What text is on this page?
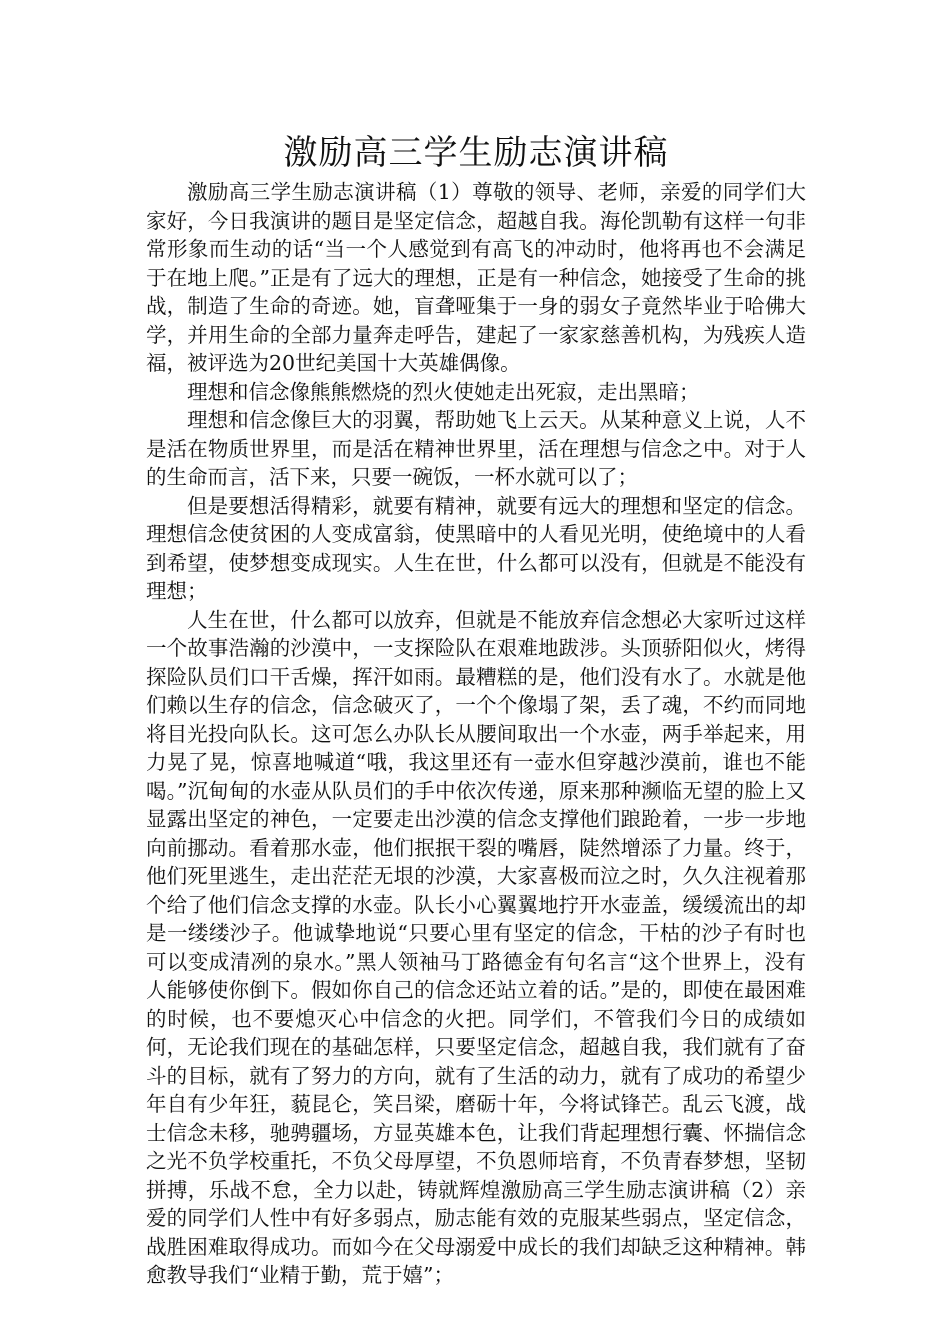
激励高三学生励志演讲稿

激励高三学生励志演讲稿（1）尊敬的领导、老师，亲爱的同学们大家好，今日我演讲的题目是坚定信念，超越自我。海伦凯勒有这样一句非常形象而生动的话“当一个人感觉到有高飞的冲动时，他将再也不会满足于在地上爬。”正是有了远大的理想，正是有一种信念，她接受了生命的挑战，制造了生命的奇迹。她，盲聋哑集于一身的弱女子竟然毕业于哈佛大学，并用生命的全部力量奔走呼告，建起了一家家慈善机构，为残疾人造福，被评选为20世纪美国十大英雄偶像。

理想和信念像熊熊燃烧的烈火使她走出死寂，走出黑暗；

理想和信念像巨大的羽翼，帮助她飞上云天。从某种意义上说，人不是活在物质世界里，而是活在精神世界里，活在理想与信念之中。对于人的生命而言，活下来，只要一碗饭，一杯水就可以了；

但是要想活得精彩，就要有精神，就要有远大的理想和坚定的信念。理想信念使贫困的人变成富翁，使黑暗中的人看见光明，使绝境中的人看到希望，使梦想变成现实。人生在世，什么都可以没有，但就是不能没有理想；

人生在世，什么都可以放弃，但就是不能放弃信念想必大家听过这样一个故事浩瀚的沙漠中，一支探险队在艰难地跋涉。头顶骄阳似火，烤得探险队员们口干舌燥，挥汗如雨。最糟糕的是，他们没有水了。水就是他们赖以生存的信念，信念破灭了，一个个像塌了架，丢了魂，不约而同地将目光投向队长。这可怎么办队长从腰间取出一个水壶，两手举起来，用力晃了晃，惊喜地喊道“哦，我这里还有一壶水但穿越沙漠前，谁也不能喝。”沉甸甸的水壶从队员们的手中依次传递，原来那种濒临无望的脸上又显露出坚定的神色，一定要走出沙漠的信念支撑他们踉跄着，一步一步地向前挪动。看着那水壶，他们抿抿干裂的嘴唇，陡然增添了力量。终于，他们死里逃生，走出茫茫无垠的沙漠，大家喜极而泣之时，久久注视着那个给了他们信念支撑的水壶。队长小心翼翼地拧开水壶盖，缓缓流出的却是一缕缕沙子。他诚挚地说“只要心里有坚定的信念，干枯的沙子有时也可以变成清冽的泉水。”黑人领袖马丁路德金有句名言“这个世界上，没有人能够使你倒下。假如你自己的信念还站立着的话。”是的，即使在最困难的时候，也不要熄灭心中信念的火把。同学们，不管我们今日的成绩如何，无论我们现在的基础怎样，只要坚定信念，超越自我，我们就有了奋斗的目标，就有了努力的方向，就有了生活的动力，就有了成功的希望少年自有少年狂，藐昆仑，笑吕梁，磨砺十年，今将试锋芒。乱云飞渡，战士信念未移，驰骋疆场，方显英雄本色，让我们背起理想行囊、怀揣信念之光不负学校重托，不负父母厚望，不负恩师培育，不负青春梦想，坚韧拼搏，乐战不怠，全力以赴，铸就辉煌激励高三学生励志演讲稿（2）亲爱的同学们人性中有好多弱点，励志能有效的克服某些弱点，坚定信念，战胜困难取得成功。而如今在父母溺爱中成长的我们却缺乏这种精神。韩愈教导我们“业精于勤，荒于嬉”；
